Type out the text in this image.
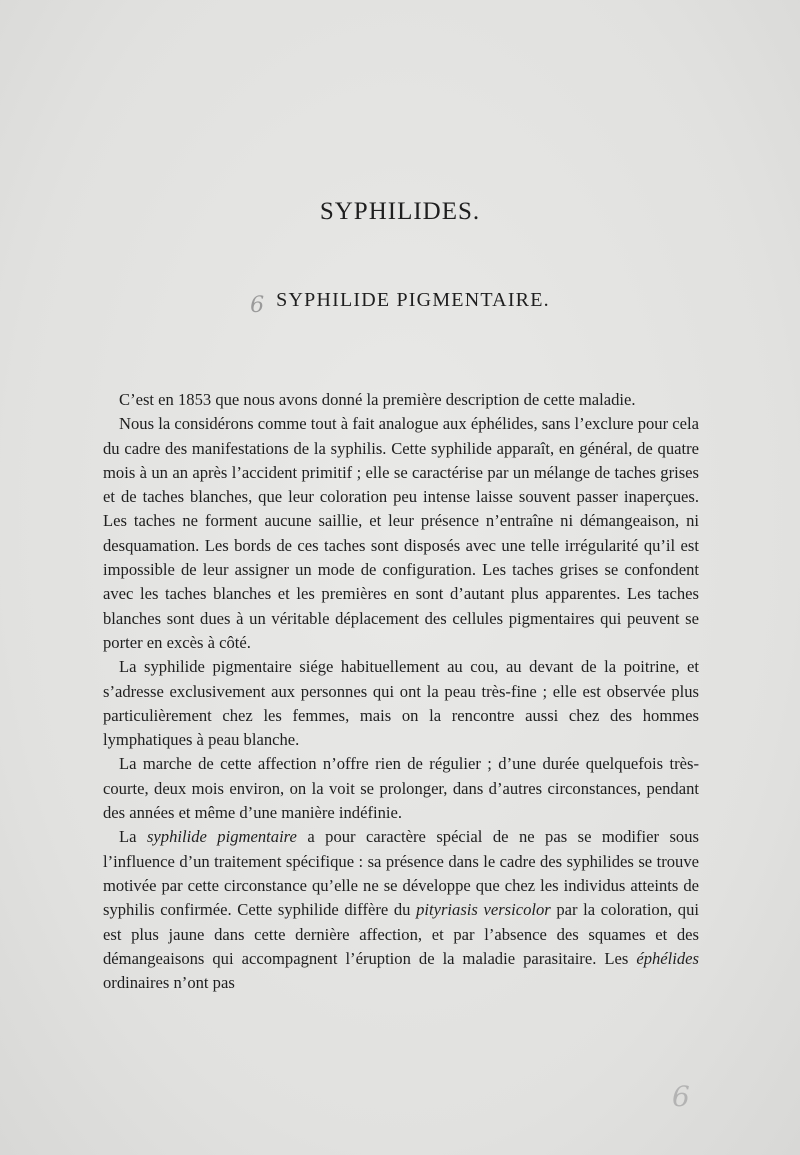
SYPHILIDES.
6 SYPHILIDE PIGMENTAIRE.

C’est en 1853 que nous avons donné la première description de cette maladie.

Nous la considérons comme tout à fait analogue aux éphélides, sans l’exclure pour cela du cadre des manifestations de la syphilis. Cette syphilide apparaît, en général, de quatre mois à un an après l’accident primitif ; elle se caractérise par un mélange de taches grises et de taches blanches, que leur coloration peu intense laisse souvent passer inaperçues. Les taches ne forment aucune saillie, et leur présence n’entraîne ni démangeaison, ni desquamation. Les bords de ces taches sont disposés avec une telle irrégularité qu’il est impossible de leur assigner un mode de configuration. Les taches grises se confondent avec les taches blanches et les premières en sont d’autant plus apparentes. Les taches blanches sont dues à un véritable déplacement des cellules pigmentaires qui peuvent se porter en excès à côté.

La syphilide pigmentaire siége habituellement au cou, au devant de la poitrine, et s’adresse exclusivement aux personnes qui ont la peau très-fine ; elle est observée plus particulièrement chez les femmes, mais on la rencontre aussi chez des hommes lymphatiques à peau blanche.

La marche de cette affection n’offre rien de régulier ; d’une durée quelquefois très-courte, deux mois environ, on la voit se prolonger, dans d’autres circonstances, pendant des années et même d’une manière indéfinie.

La syphilide pigmentaire a pour caractère spécial de ne pas se modifier sous l’influence d’un traitement spécifique : sa présence dans le cadre des syphilides se trouve motivée par cette circonstance qu’elle ne se développe que chez les individus atteints de syphilis confirmée. Cette syphilide diffère du pityriasis versicolor par la coloration, qui est plus jaune dans cette dernière affection, et par l’absence des squames et des démangeaisons qui accompagnent l’éruption de la maladie parasitaire. Les éphélides ordinaires n’ont pas

6
